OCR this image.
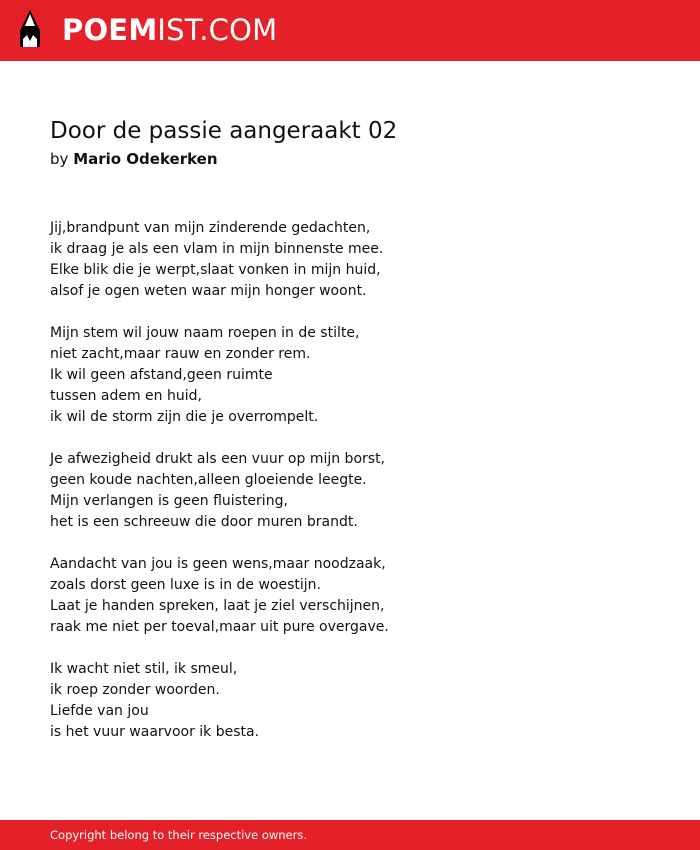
POEMIST.COM
Door de passie aangeraakt 02
by Mario Odekerken
Jij,brandpunt van mijn zinderende gedachten,
ik draag je als een vlam in mijn binnenste mee.
Elke blik die je werpt,slaat vonken in mijn huid,
alsof je ogen weten waar mijn honger woont.
Mijn stem wil jouw naam roepen in de stilte,
niet zacht,maar rauw en zonder rem.
Ik wil geen afstand,geen ruimte
tussen adem en huid,
ik wil de storm zijn die je overrompelt.
Je afwezigheid drukt als een vuur op mijn borst,
geen koude nachten,alleen gloeiende leegte.
Mijn verlangen is geen fluistering,
het is een schreeuw die door muren brandt.
Aandacht van jou is geen wens,maar noodzaak,
zoals dorst geen luxe is in de woestijn.
Laat je handen spreken, laat je ziel verschijnen,
raak me niet per toeval,maar uit pure overgave.
Ik wacht niet stil, ik smeul,
ik roep zonder woorden.
Liefde van jou
is het vuur waarvoor ik besta.
Copyright belong to their respective owners.
